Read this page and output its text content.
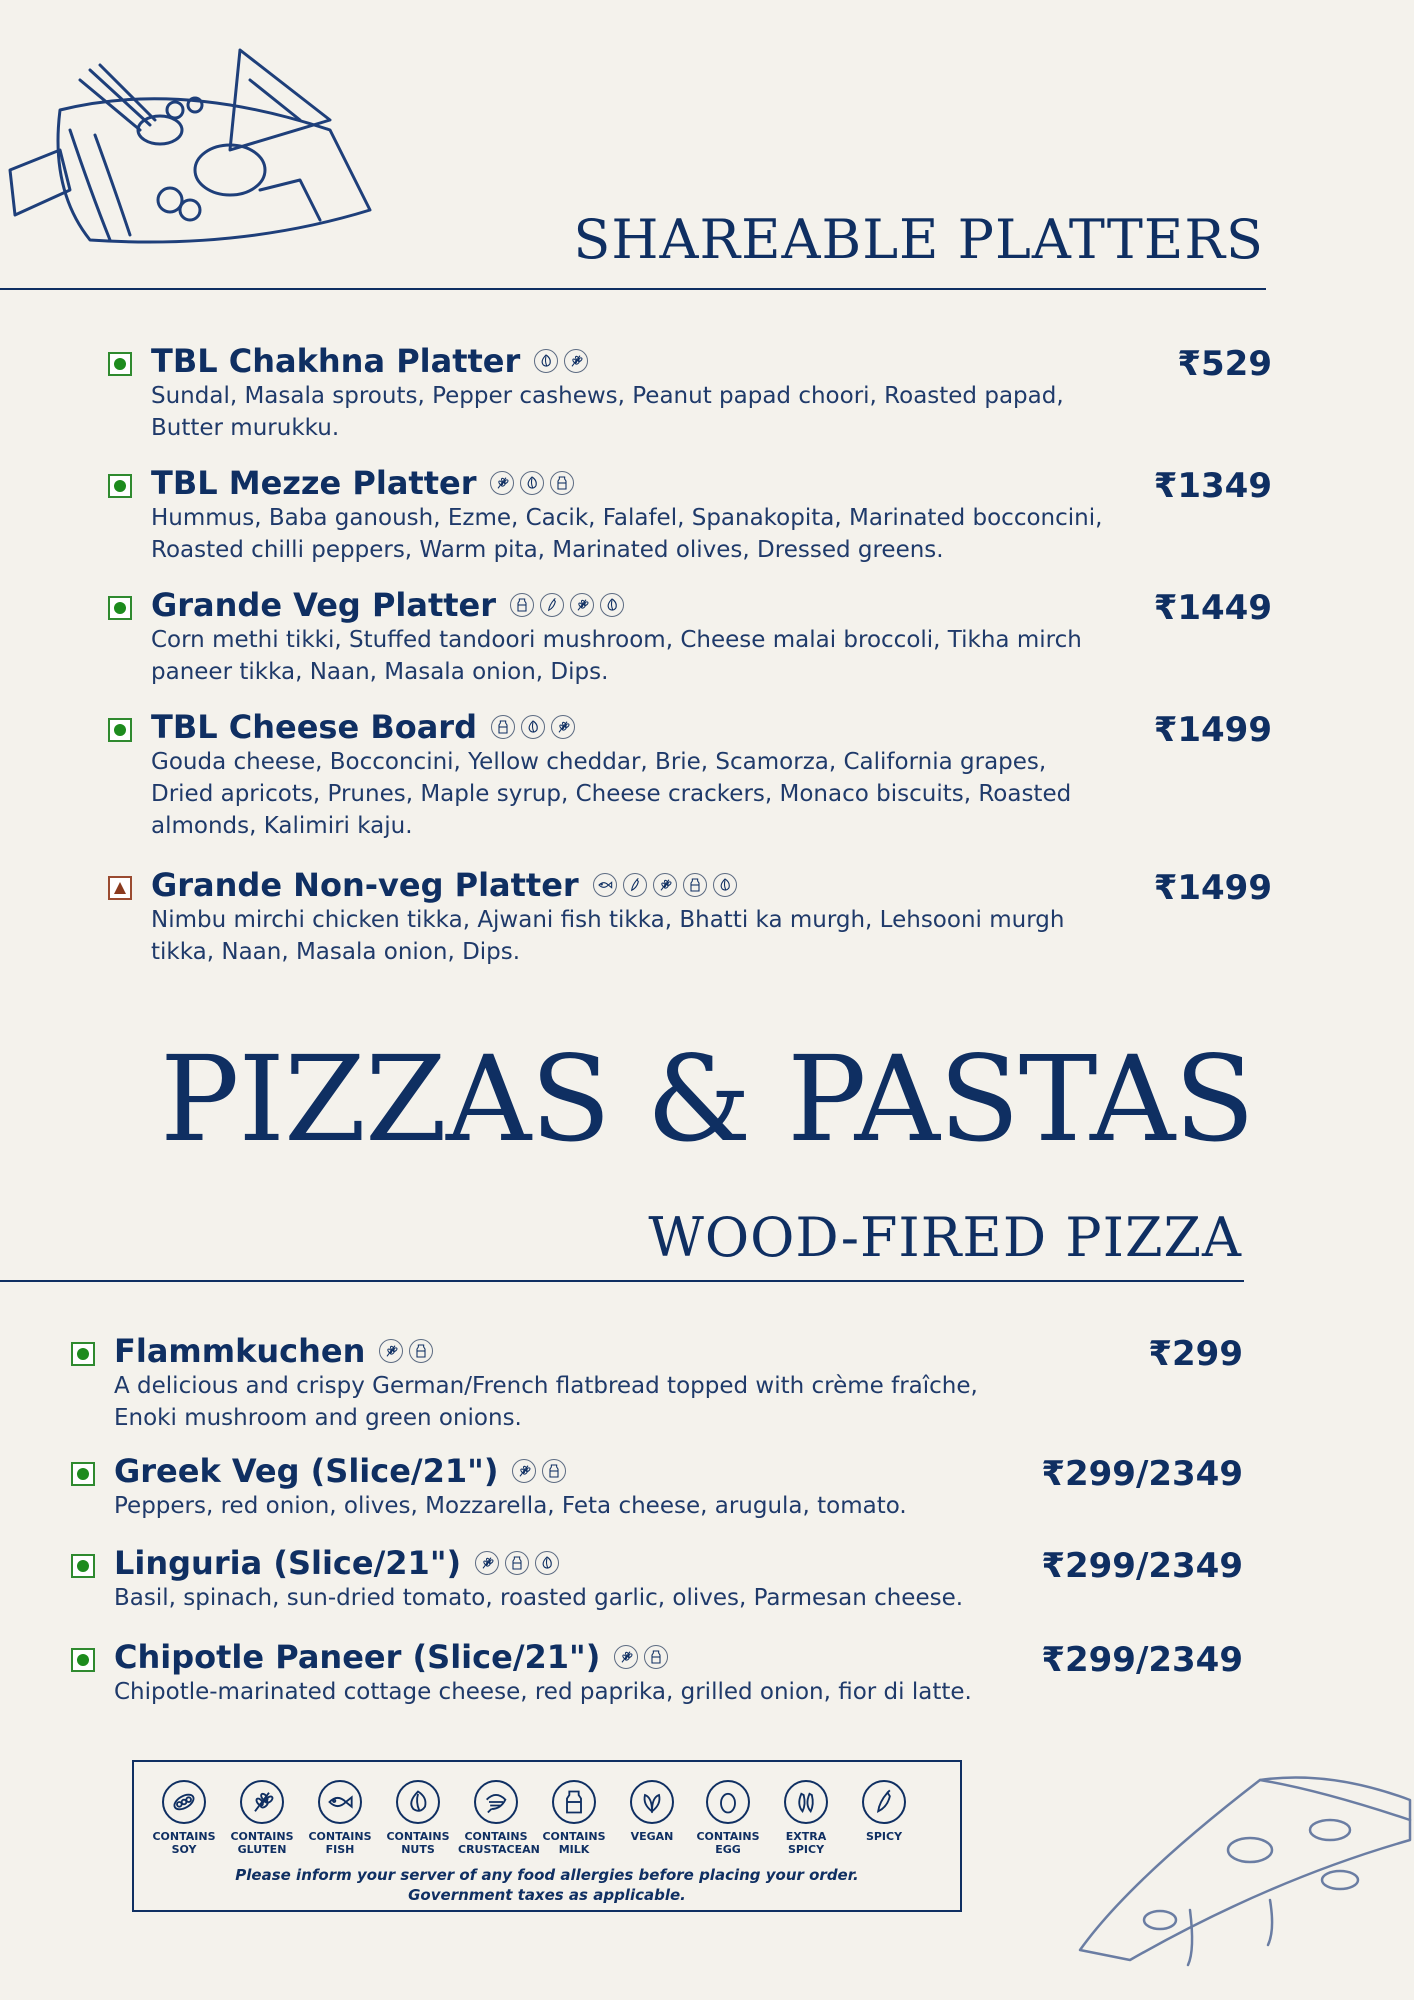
SHAREABLE PLATTERS
TBL Chakhna Platter
Sundal, Masala sprouts, Pepper cashews, Peanut papad choori, Roasted papad, Butter murukku.
₹529
TBL Mezze Platter
Hummus, Baba ganoush, Ezme, Cacik, Falafel, Spanakopita, Marinated bocconcini, Roasted chilli peppers, Warm pita, Marinated olives, Dressed greens.
₹1349
Grande Veg Platter
Corn methi tikki, Stuffed tandoori mushroom, Cheese malai broccoli, Tikha mirch paneer tikka, Naan, Masala onion, Dips.
₹1449
TBL Cheese Board
Gouda cheese, Bocconcini, Yellow cheddar, Brie, Scamorza, California grapes, Dried apricots, Prunes, Maple syrup, Cheese crackers, Monaco biscuits, Roasted almonds, Kalimiri kaju.
₹1499
Grande Non-veg Platter
Nimbu mirchi chicken tikka, Ajwani fish tikka, Bhatti ka murgh, Lehsooni murgh tikka, Naan, Masala onion, Dips.
₹1499
PIZZAS & PASTAS
WOOD-FIRED PIZZA
Flammkuchen
A delicious and crispy German/French flatbread topped with crème fraîche, Enoki mushroom and green onions.
₹299
Greek Veg (Slice/21")
Peppers, red onion, olives, Mozzarella, Feta cheese, arugula, tomato.
₹299/2349
Linguria (Slice/21")
Basil, spinach, sun-dried tomato, roasted garlic, olives, Parmesan cheese.
₹299/2349
Chipotle Paneer (Slice/21")
Chipotle-marinated cottage cheese, red paprika, grilled onion, fior di latte.
₹299/2349
CONTAINS SOY
CONTAINS GLUTEN
CONTAINS FISH
CONTAINS NUTS
CONTAINS CRUSTACEAN
CONTAINS MILK
VEGAN	CONTAINS EGG
EXTRA SPICY
SPICY
Please inform your server of any food allergies before placing your order.
Government taxes as applicable.
